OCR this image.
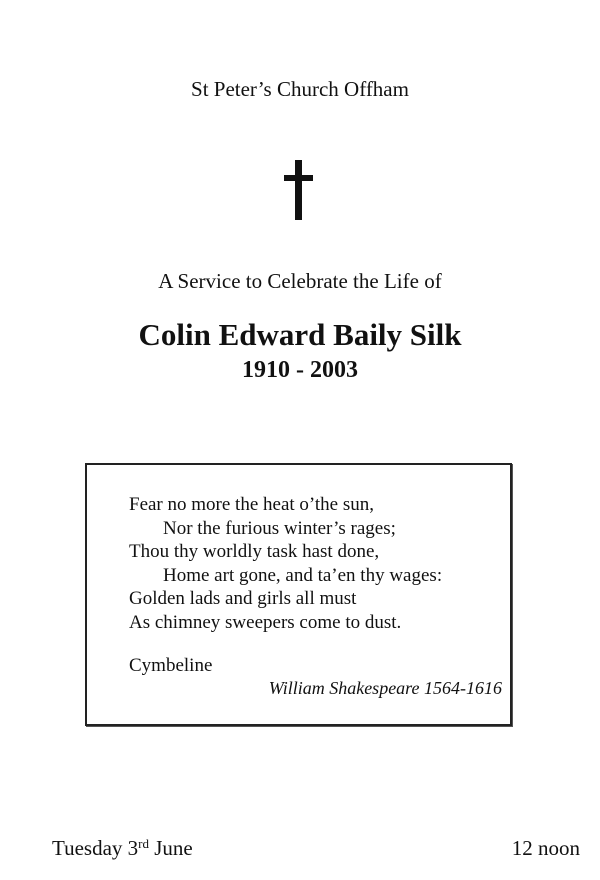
St Peter’s Church Offham
A Service to Celebrate the Life of
Colin Edward Baily Silk
1910 - 2003
Fear no more the heat o’the sun,
Nor the furious winter’s rages;
Thou thy worldly task hast done,
Home art gone, and ta’en thy wages:
Golden lads and girls all must
As chimney sweepers come to dust.
Cymbeline
William Shakespeare 1564-1616
Tuesday 3rd June	12 noon
